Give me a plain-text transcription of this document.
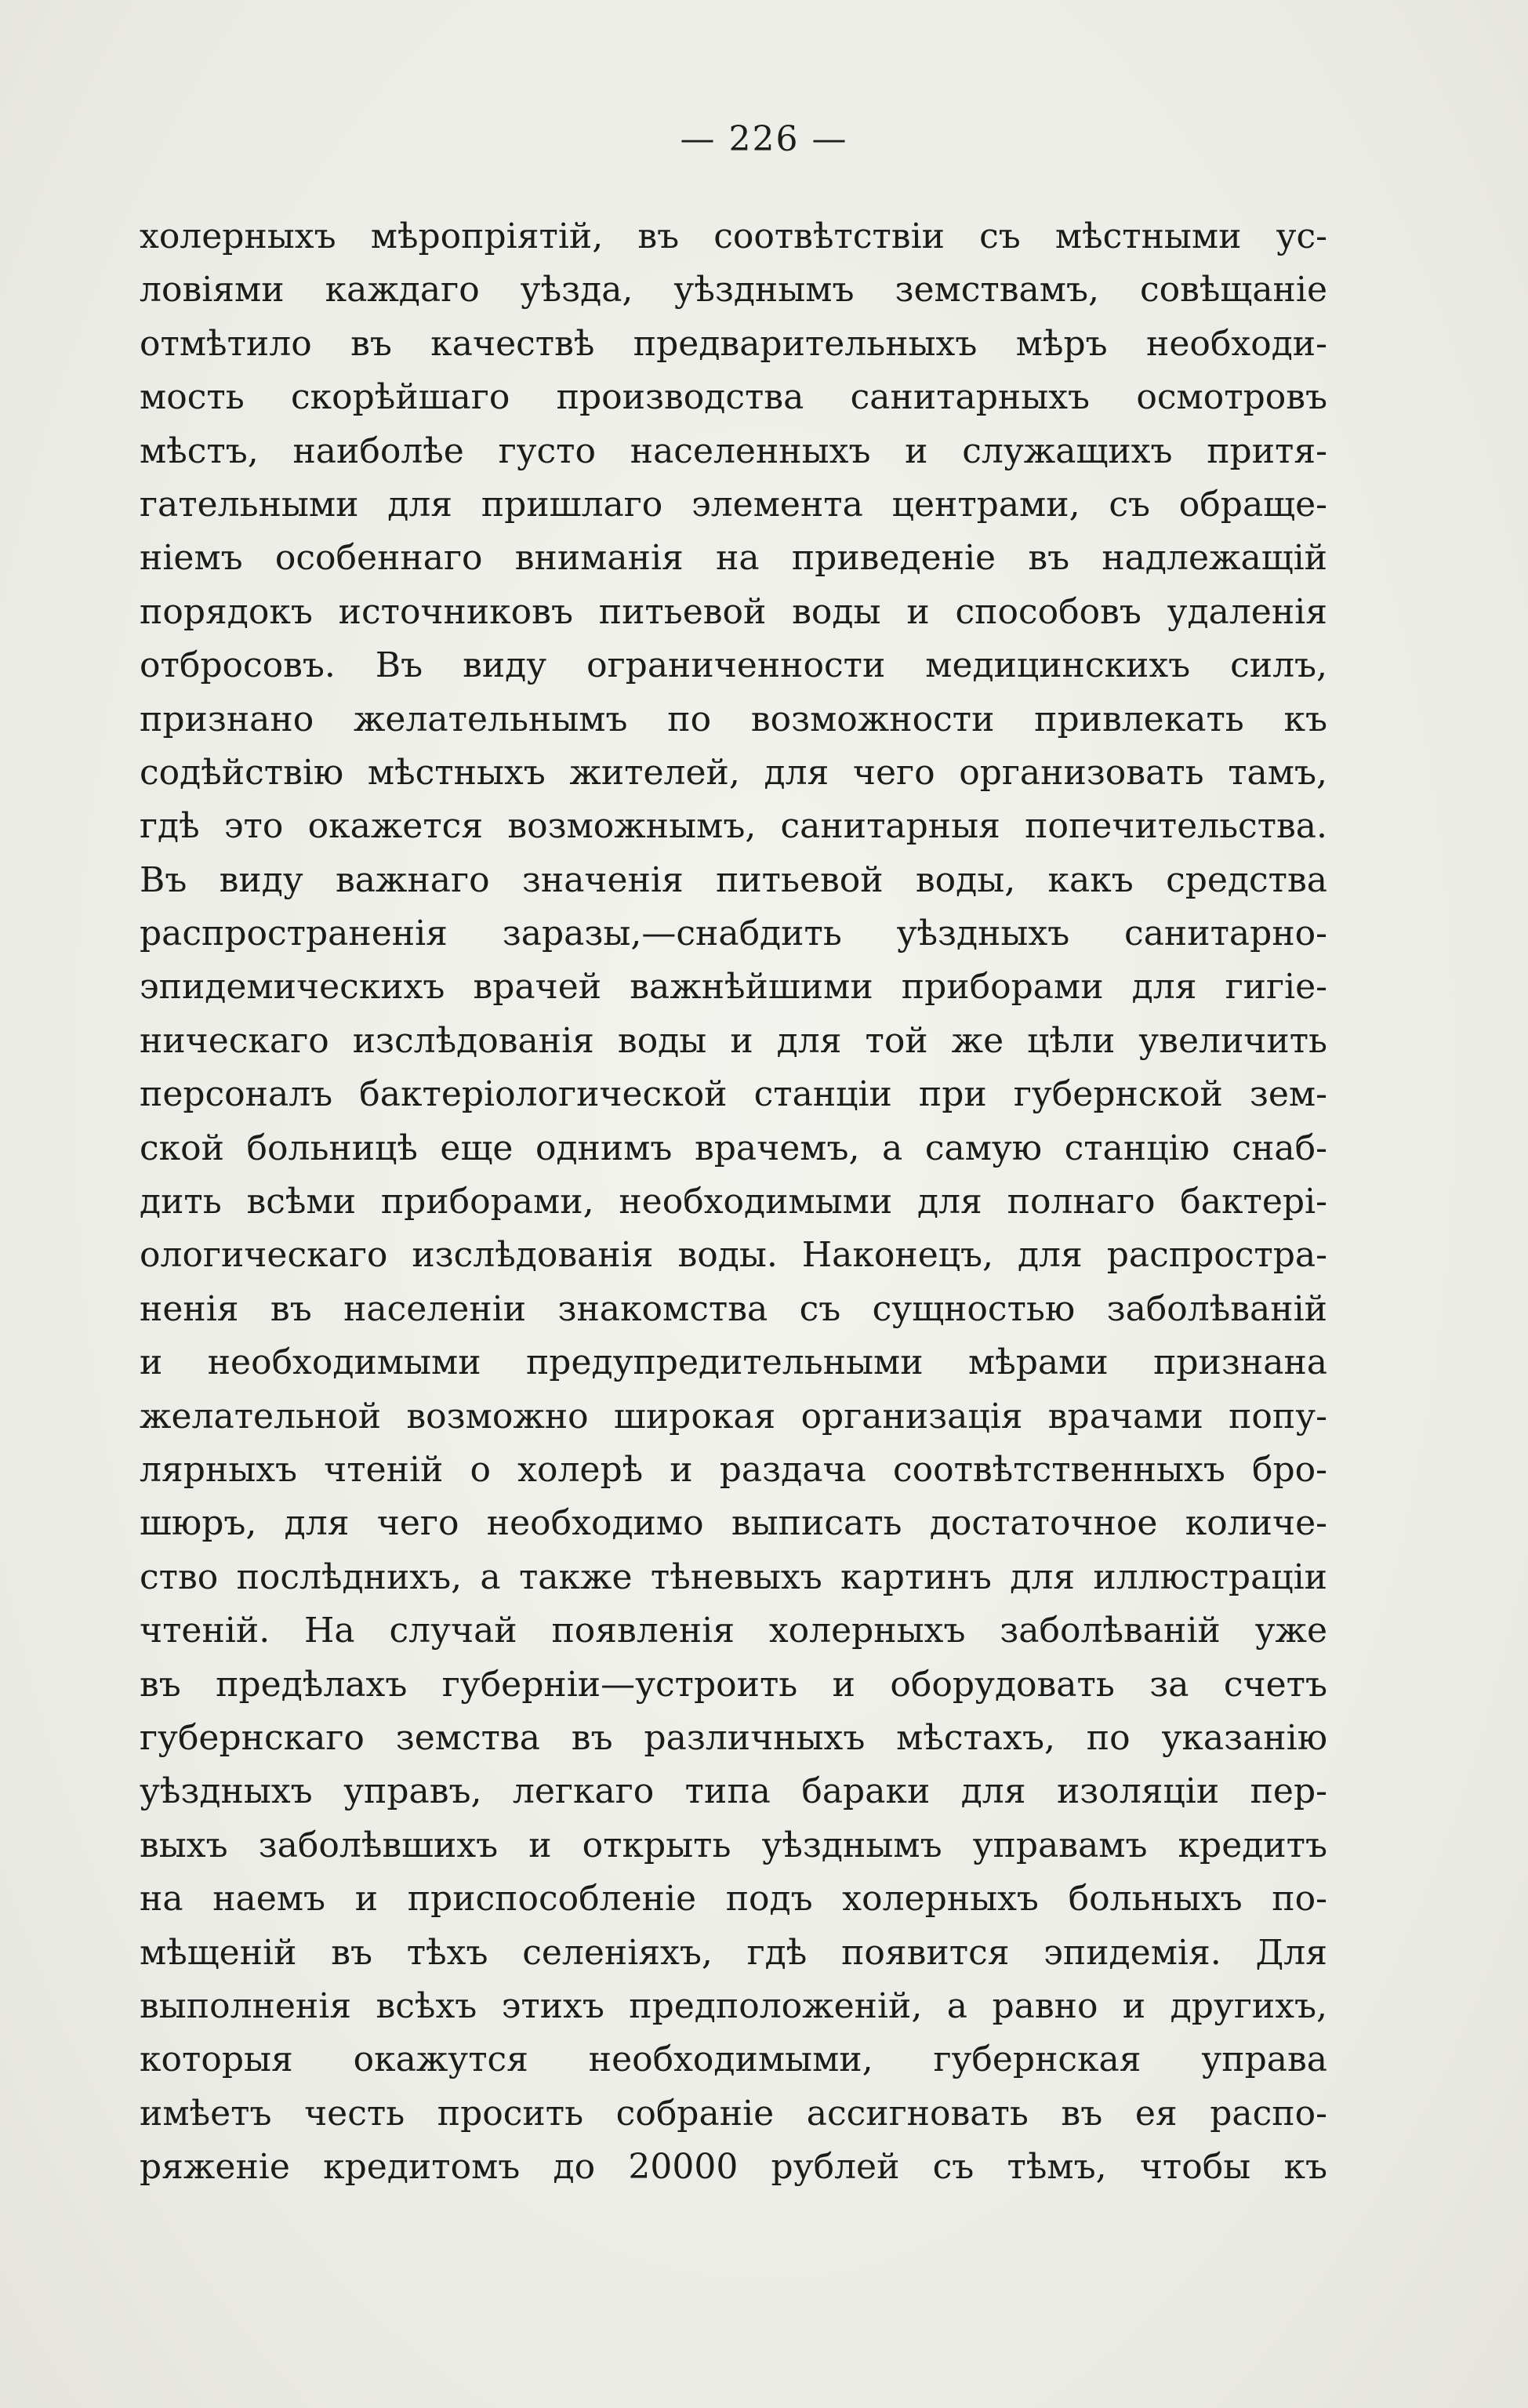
— 226 —
холерныхъ мѣропріятій, въ соотвѣтствіи съ мѣстными ус-
ловіями каждаго уѣзда, уѣзднымъ земствамъ, совѣщаніе
отмѣтило въ качествѣ предварительныхъ мѣръ необходи-
мость скорѣйшаго производства санитарныхъ осмотровъ
мѣстъ, наиболѣе густо населенныхъ и служащихъ притя-
гательными для пришлаго элемента центрами, съ обраще-
ніемъ особеннаго вниманія на приведеніе въ надлежащій
порядокъ источниковъ питьевой воды и способовъ удаленія
отбросовъ. Въ виду ограниченности медицинскихъ силъ,
признано желательнымъ по возможности привлекать къ
содѣйствію мѣстныхъ жителей, для чего организовать тамъ,
гдѣ это окажется возможнымъ, санитарныя попечительства.
Въ виду важнаго значенія питьевой воды, какъ средства
распространенія заразы,—снабдить уѣздныхъ санитарно-
эпидемическихъ врачей важнѣйшими приборами для гигіе-
ническаго изслѣдованія воды и для той же цѣли увеличить
персоналъ бактеріологической станціи при губернской зем-
ской больницѣ еще однимъ врачемъ, а самую станцію снаб-
дить всѣми приборами, необходимыми для полнаго бактері-
ологическаго изслѣдованія воды. Наконецъ, для распростра-
ненія въ населеніи знакомства съ сущностью заболѣваній
и необходимыми предупредительными мѣрами признана
желательной возможно широкая организація врачами попу-
лярныхъ чтеній о холерѣ и раздача соотвѣтственныхъ бро-
шюръ, для чего необходимо выписать достаточное количе-
ство послѣднихъ, а также тѣневыхъ картинъ для иллюстраціи
чтеній. На случай появленія холерныхъ заболѣваній уже
въ предѣлахъ губерніи—устроить и оборудовать за счетъ
губернскаго земства въ различныхъ мѣстахъ, по указанію
уѣздныхъ управъ, легкаго типа бараки для изоляціи пер-
выхъ заболѣвшихъ и открыть уѣзднымъ управамъ кредитъ
на наемъ и приспособленіе подъ холерныхъ больныхъ по-
мѣщеній въ тѣхъ селеніяхъ, гдѣ появится эпидемія. Для
выполненія всѣхъ этихъ предположеній, а равно и другихъ,
которыя окажутся необходимыми, губернская управа
имѣетъ честь просить собраніе ассигновать въ ея распо-
ряженіе кредитомъ до 20000 рублей съ тѣмъ, чтобы къ
